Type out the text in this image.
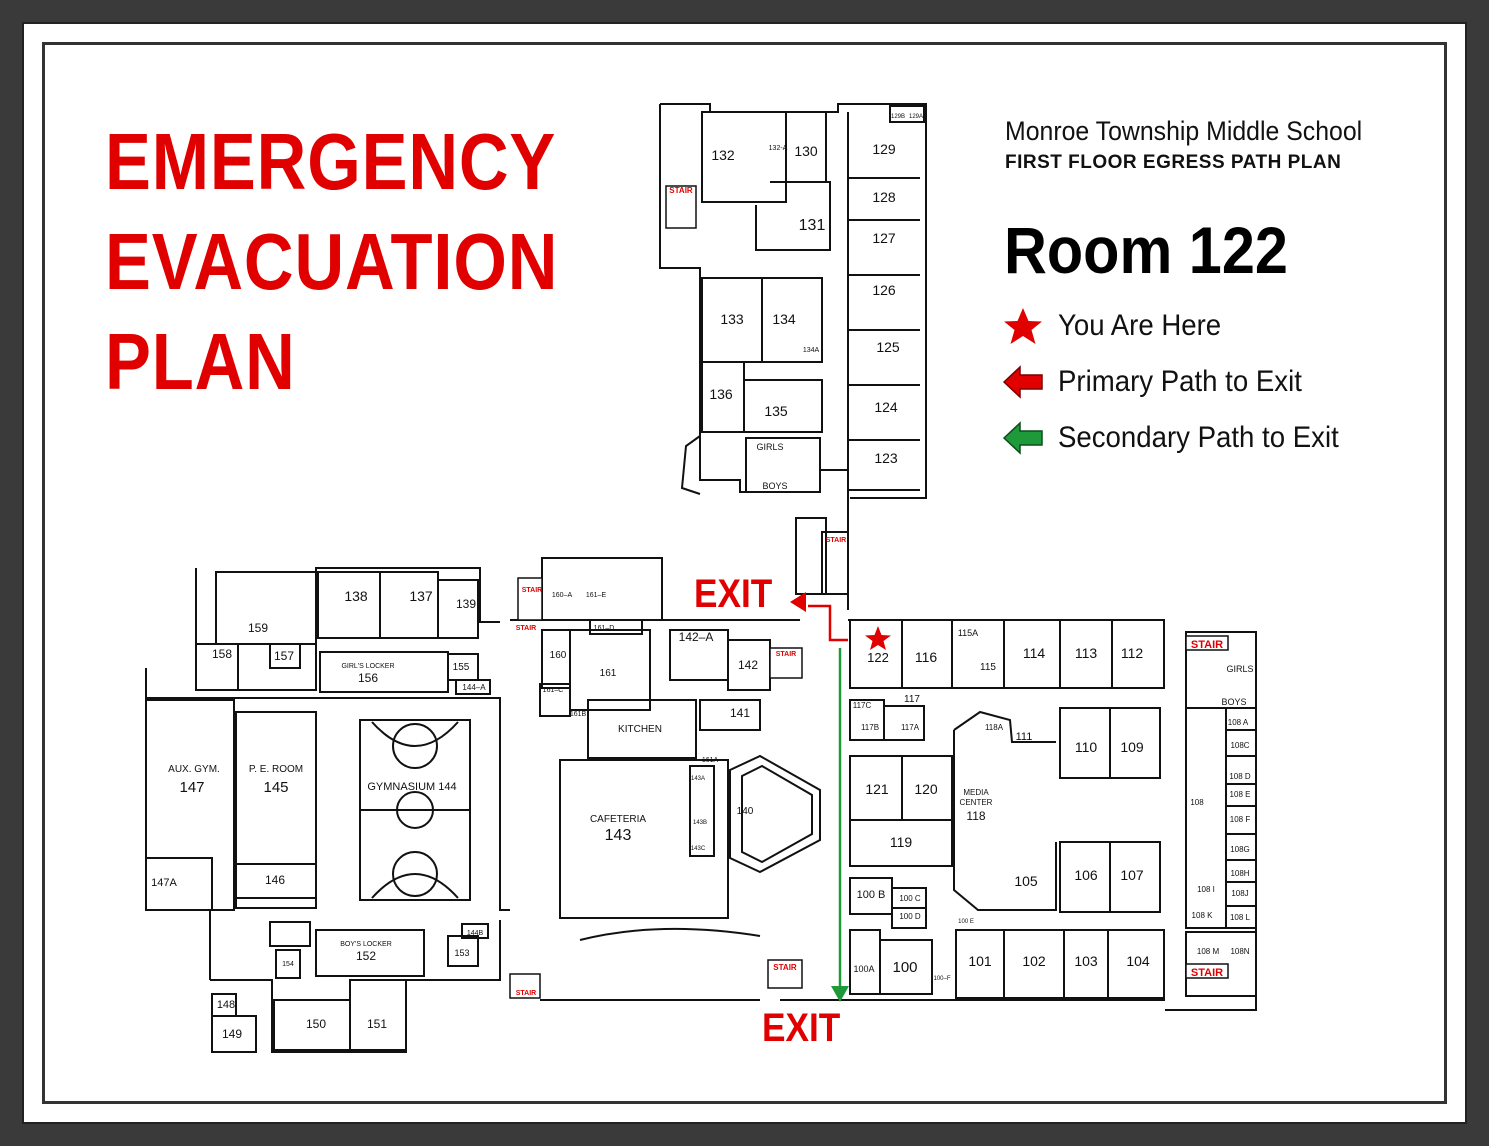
EMERGENCY
EVACUATION
PLAN
Monroe Township Middle School
FIRST FLOOR EGRESS PATH PLAN
Room 122
You Are Here
Primary Path to Exit
Secondary Path to Exit
EXIT
EXIT
132	132-A 130
131
129
129B 129A
128
127
126
125
124
123
133 134
134A
135
136
GIRLS
BOYS
138	137 139
159
158	157
GIRL'S LOCKER
156
155
144–A
160–A 161–E
161–D
160
161
161–C
161B
142–A
142
141
KITCHEN
161A
143A
143B
143C
CAFETERIA
143
140
AUX. GYM.
147
P. E. ROOM
145	GYMNASIUM 144
147A	146
BOY'S LOCKER
152	153
144B
154
148
149
150	151
122 116
115A
115
114 113 112
117
117A
117B
117C
118A
111
110 109
121 120
119
MEDIA
CENTER
118
105	106 107
100 B 100 C
100 D
100 E
100A 100
100–F
101 102 103 104
GIRLS
BOYS
108
108 A
108C
108 D
108 E
108 F
108G
108H
108 I 108J
108 K 108 L
108 M 108N
STAIR
STAIR
STAIR
STAIR
STAIR
STAIR
STAIR
STAIR
STAIR
